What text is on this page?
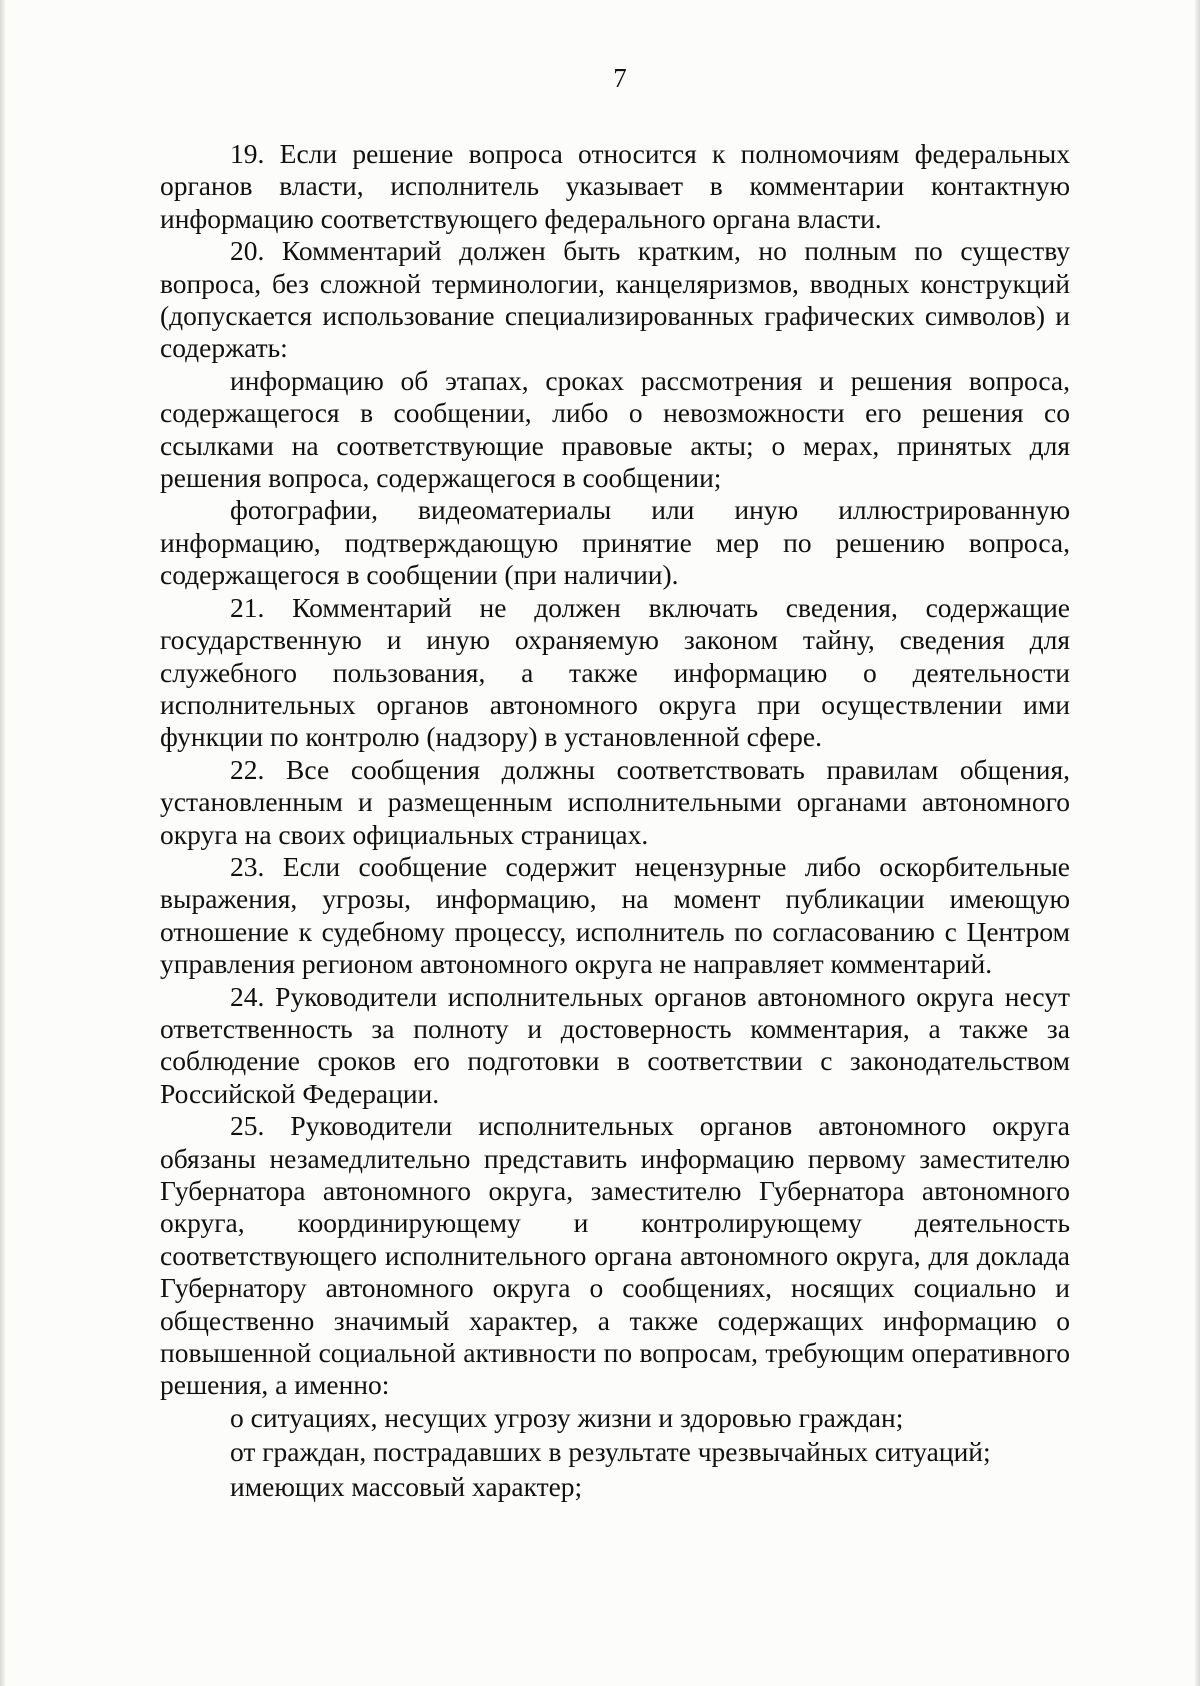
7

19. Если решение вопроса относится к полномочиям федеральных органов власти, исполнитель указывает в комментарии контактную информацию соответствующего федерального органа власти.

20. Комментарий должен быть кратким, но полным по существу вопроса, без сложной терминологии, канцеляризмов, вводных конструкций (допускается использование специализированных графических символов) и содержать:

информацию об этапах, сроках рассмотрения и решения вопроса, содержащегося в сообщении, либо о невозможности его решения со ссылками на соответствующие правовые акты; о мерах, принятых для решения вопроса, содержащегося в сообщении;

фотографии, видеоматериалы или иную иллюстрированную информацию, подтверждающую принятие мер по решению вопроса, содержащегося в сообщении (при наличии).

21. Комментарий не должен включать сведения, содержащие государственную и иную охраняемую законом тайну, сведения для служебного пользования, а также информацию о деятельности исполнительных органов автономного округа при осуществлении ими функции по контролю (надзору) в установленной сфере.

22. Все сообщения должны соответствовать правилам общения, установленным и размещенным исполнительными органами автономного округа на своих официальных страницах.

23. Если сообщение содержит нецензурные либо оскорбительные выражения, угрозы, информацию, на момент публикации имеющую отношение к судебному процессу, исполнитель по согласованию с Центром управления регионом автономного округа не направляет комментарий.

24. Руководители исполнительных органов автономного округа несут ответственность за полноту и достоверность комментария, а также за соблюдение сроков его подготовки в соответствии с законодательством Российской Федерации.

25. Руководители исполнительных органов автономного округа обязаны незамедлительно представить информацию первому заместителю Губернатора автономного округа, заместителю Губернатора автономного округа, координирующему и контролирующему деятельность соответствующего исполнительного органа автономного округа, для доклада Губернатору автономного округа о сообщениях, носящих социально и общественно значимый характер, а также содержащих информацию о повышенной социальной активности по вопросам, требующим оперативного решения, а именно:

о ситуациях, несущих угрозу жизни и здоровью граждан;

от граждан, пострадавших в результате чрезвычайных ситуаций;

имеющих массовый характер;
